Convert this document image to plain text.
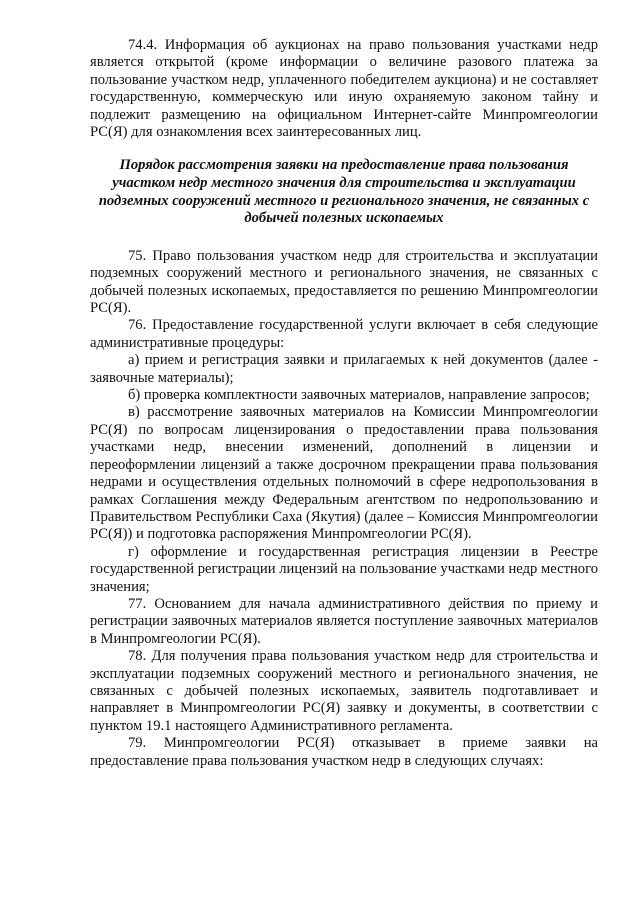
74.4. Информация об аукционах на право пользования участками недр является открытой (кроме информации о величине разового платежа за пользование участком недр, уплаченного победителем аукциона) и не составляет государственную, коммерческую или иную охраняемую законом тайну и подлежит размещению на официальном Интернет-сайте Минпромгеологии РС(Я) для ознакомления всех заинтересованных лиц.

Порядок рассмотрения заявки на предоставление права пользования участком недр местного значения для строительства и эксплуатации подземных сооружений местного и регионального значения, не связанных с добычей полезных ископаемых

75. Право пользования участком недр для строительства и эксплуатации подземных сооружений местного и регионального значения, не связанных с добычей полезных ископаемых, предоставляется по решению Минпромгеологии РС(Я).

76. Предоставление государственной услуги включает в себя следующие административные процедуры:

а) прием и регистрация заявки и прилагаемых к ней документов (далее - заявочные материалы);

б) проверка комплектности заявочных материалов, направление запросов;

в) рассмотрение заявочных материалов на Комиссии Минпромгеологии РС(Я) по вопросам лицензирования о предоставлении права пользования участками недр, внесении изменений, дополнений в лицензии и переоформлении лицензий а также досрочном прекращении права пользования недрами и осуществления отдельных полномочий в сфере недропользования в рамках Соглашения между Федеральным агентством по недропользованию и Правительством Республики Саха (Якутия) (далее – Комиссия Минпромгеологии РС(Я)) и подготовка распоряжения Минпромгеологии РС(Я).

г) оформление и государственная регистрация лицензии в Реестре государственной регистрации лицензий на пользование участками недр местного значения;

77. Основанием для начала административного действия по приему и регистрации заявочных материалов является поступление заявочных материалов в Минпромгеологии РС(Я).

78. Для получения права пользования участком недр для строительства и эксплуатации подземных сооружений местного и регионального значения, не связанных с добычей полезных ископаемых, заявитель подготавливает и направляет в Минпромгеологии РС(Я) заявку и документы, в соответствии с пунктом 19.1 настоящего Административного регламента.

79. Минпромгеологии РС(Я) отказывает в приеме заявки на предоставление права пользования участком недр в следующих случаях:
